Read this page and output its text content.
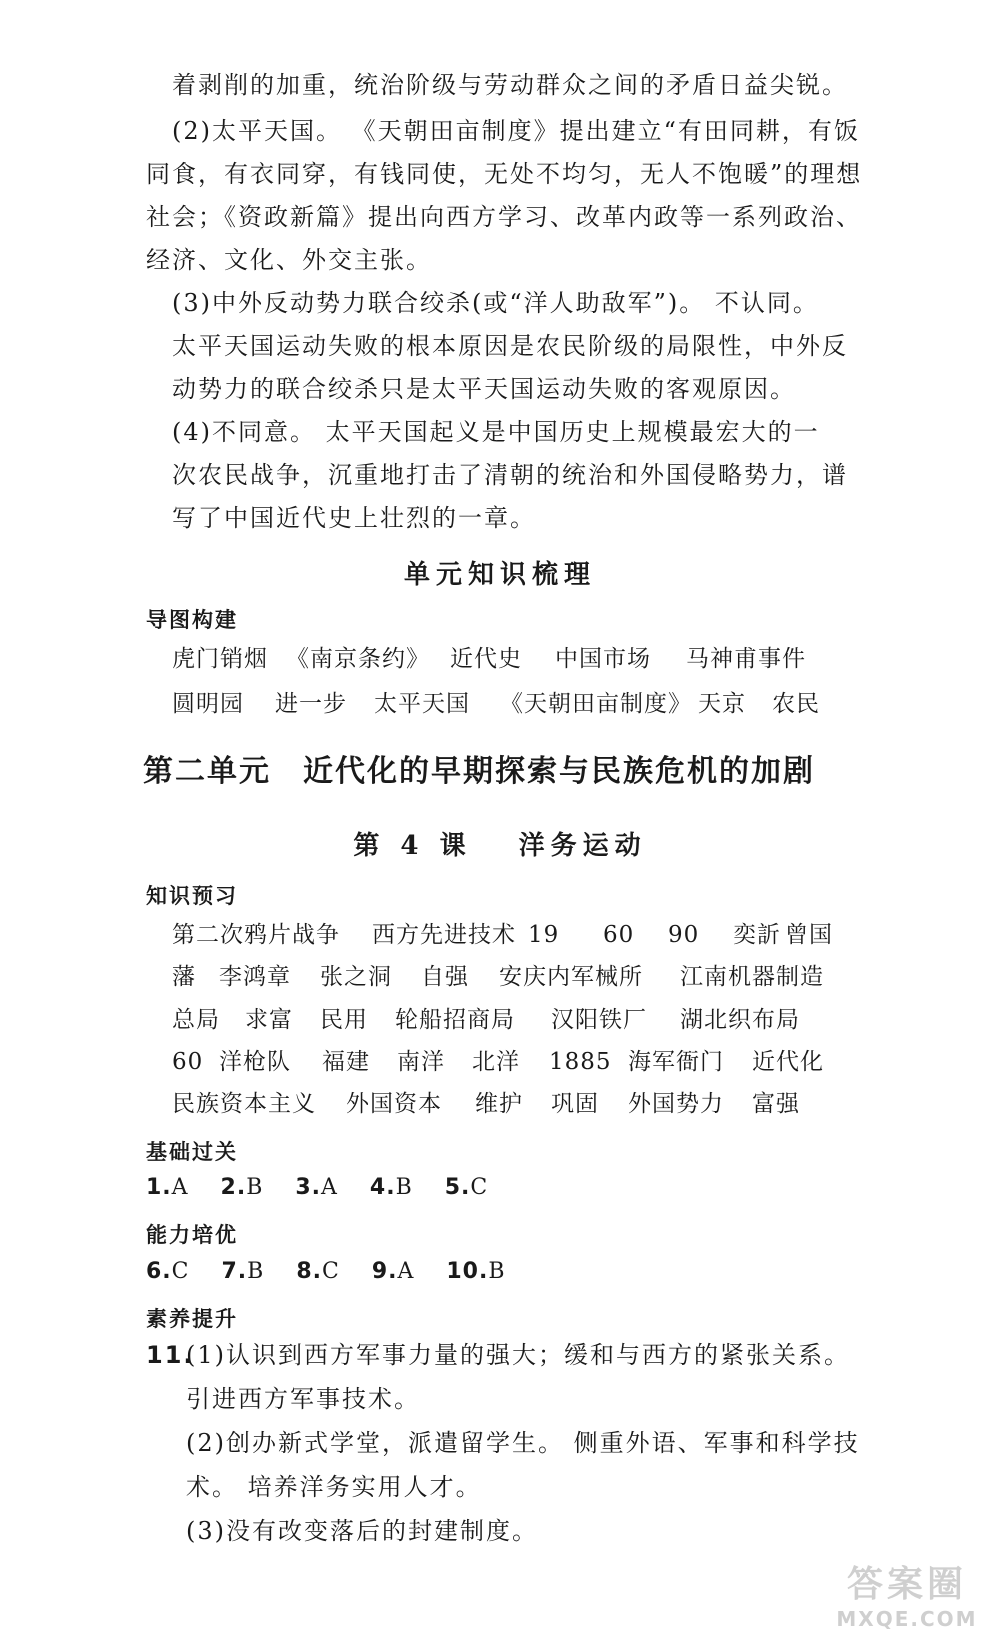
着剥削的加重，统治阶级与劳动群众之间的矛盾日益尖锐。
(2)太平天国。 《天朝田亩制度》提出建立“有田同耕，有饭
同食，有衣同穿，有钱同使，无处不均匀，无人不饱暖”的理想
社会；《资政新篇》提出向西方学习、改革内政等一系列政治、
经济、文化、外交主张。
(3)中外反动势力联合绞杀(或“洋人助敌军”)。 不认同。
太平天国运动失败的根本原因是农民阶级的局限性，中外反
动势力的联合绞杀只是太平天国运动失败的客观原因。
(4)不同意。 太平天国起义是中国历史上规模最宏大的一
次农民战争，沉重地打击了清朝的统治和外国侵略势力，谱
写了中国近代史上壮烈的一章。
单元知识梳理
导图构建
虎门销烟 《南京条约》 近代史 中国市场 马神甫事件
圆明园 进一步 太平天国 《天朝田亩制度》 天京 农民
第二单元　近代化的早期探索与民族危机的加剧
第 4 课　 洋务运动
知识预习
第二次鸦片战争 西方先进技术 19 60 90 奕訢 曾国
藩 李鸿章 张之洞 自强 安庆内军械所 江南机器制造
总局 求富 民用 轮船招商局 汉阳铁厂 湖北织布局
60 洋枪队 福建 南洋 北洋 1885 海军衙门 近代化
民族资本主义 外国资本 维护 巩固 外国势力 富强
基础过关
1.A 2.B 3.A 4.B 5.C
能力培优
6.C 7.B 8.C 9.A 10.B
素养提升
11.
(1)认识到西方军事力量的强大；缓和与西方的紧张关系。
引进西方军事技术。
(2)创办新式学堂，派遣留学生。 侧重外语、军事和科学技
术。 培养洋务实用人才。
(3)没有改变落后的封建制度。
答案圈
MXQE.COM
